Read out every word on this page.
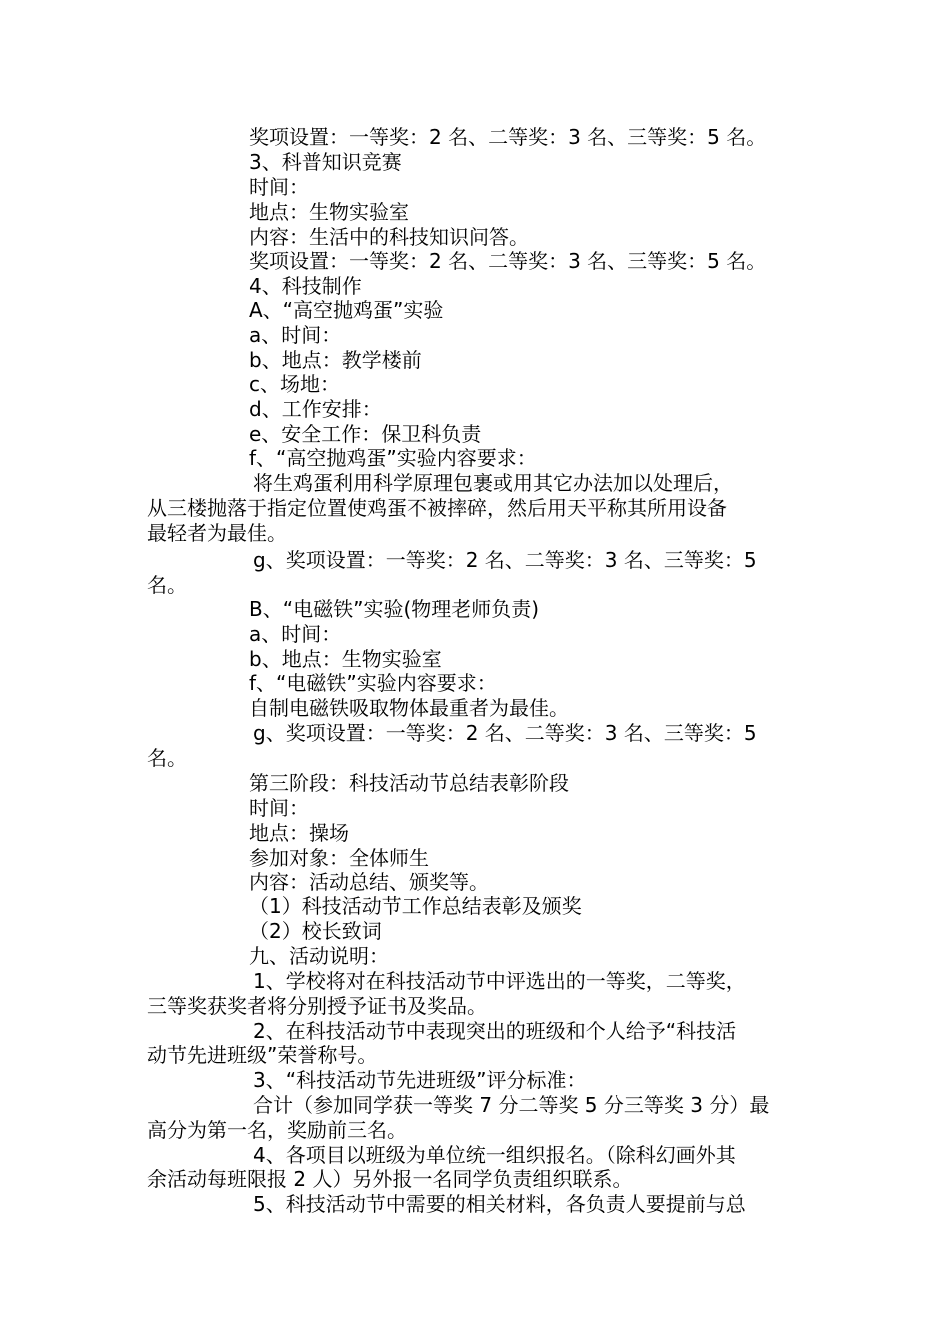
奖项设置：一等奖：2 名、二等奖：3 名、三等奖：5 名。

3、科普知识竞赛

时间：

地点：生物实验室

内容：生活中的科技知识问答。

奖项设置：一等奖：2 名、二等奖：3 名、三等奖：5 名。

4、科技制作

A、“高空抛鸡蛋”实验

a、时间：

b、地点：教学楼前

c、场地：

d、工作安排：

e、安全工作：保卫科负责

f、“高空抛鸡蛋”实验内容要求：

将生鸡蛋利用科学原理包裹或用其它办法加以处理后，

从三楼抛落于指定位置使鸡蛋不被摔碎，然后用天平称其所用设备

最轻者为最佳。

g、奖项设置：一等奖：2 名、二等奖：3 名、三等奖：5

名。

B、“电磁铁”实验(物理老师负责)

a、时间：

b、地点：生物实验室

f、“电磁铁”实验内容要求：

自制电磁铁吸取物体最重者为最佳。

g、奖项设置：一等奖：2 名、二等奖：3 名、三等奖：5

名。

第三阶段：科技活动节总结表彰阶段

时间：

地点：操场

参加对象：全体师生

内容：活动总结、颁奖等。

（1）科技活动节工作总结表彰及颁奖

（2）校长致词

九、活动说明：

1、学校将对在科技活动节中评选出的一等奖，二等奖，

三等奖获奖者将分别授予证书及奖品。

2、在科技活动节中表现突出的班级和个人给予“科技活

动节先进班级”荣誉称号。

3、“科技活动节先进班级”评分标准：

合计（参加同学获一等奖 7 分二等奖 5 分三等奖 3 分）最

高分为第一名，奖励前三名。

4、各项目以班级为单位统一组织报名。（除科幻画外其

余活动每班限报 2 人）另外报一名同学负责组织联系。

5、科技活动节中需要的相关材料，各负责人要提前与总
